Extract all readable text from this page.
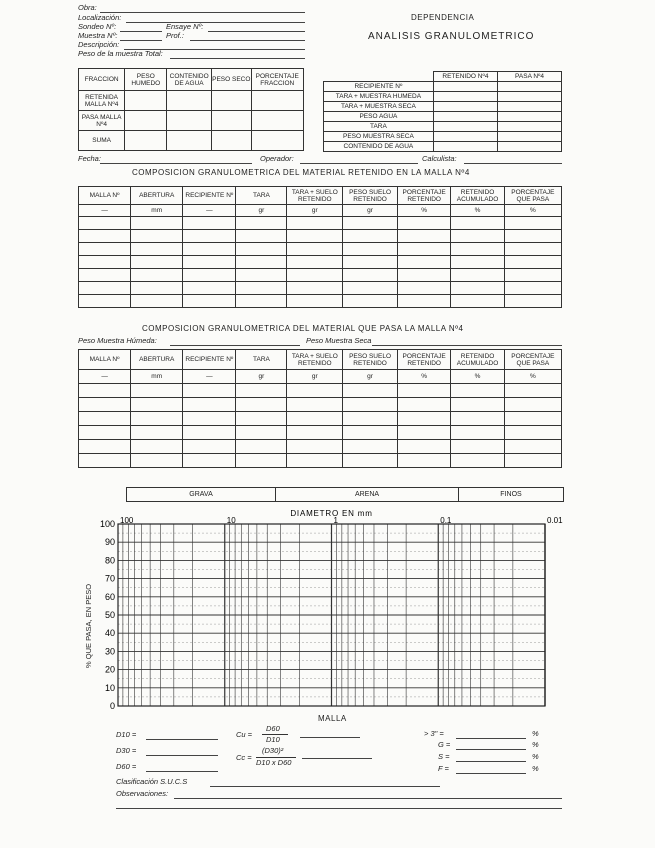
DEPENDENCIA
ANALISIS GRANULOMETRICO
Obra:
Localización:
Sondeo Nº:	Ensaye Nº:
Muestra Nº:	Prof.:
Descripción:
Peso de la muestra Total:
FRACCION	PESO HUMEDO	CONTENIDO DE AGUA	PESO SECO	PORCENTAJE FRACCION
RETENIDA MALLA Nº4				
PASA MALLA Nº4				
SUMA				
	RETENIDO Nº4	PASA Nº4
RECIPIENTE Nº		
TARA + MUESTRA HUMEDA		
TARA + MUESTRA SECA		
PESO AGUA		
TARA		
PESO MUESTRA SECA		
CONTENIDO DE AGUA		
Fecha:	Operador:	Calculista:
COMPOSICION GRANULOMETRICA DEL MATERIAL RETENIDO EN LA MALLA Nº4
MALLA Nº	ABERTURA	RECIPIENTE Nº	TARA	TARA + SUELO RETENIDO	PESO SUELO RETENIDO	PORCENTAJE RETENIDO	RETENIDO ACUMULADO	PORCENTAJE QUE PASA
—	mm	—	gr	gr	gr	%	%	%

COMPOSICION GRANULOMETRICA DEL MATERIAL QUE PASA LA MALLA Nº4
Peso Muestra Húmeda:	Peso Muestra Seca
MALLA Nº	ABERTURA	RECIPIENTE Nº	TARA	TARA + SUELO RETENIDO	PESO SUELO RETENIDO	PORCENTAJE RETENIDO	RETENIDO ACUMULADO	PORCENTAJE QUE PASA
—	mm	—	gr	gr	gr	%	%	%

GRAVA	ARENA	FINOS
100
90
80
70
60
50
40
30
20
10
0
100	10	1	0.1	0.01
DIAMETRO EN mm
% QUE PASA, EN PESO
MALLA
D10 =
D30 =
D60 =
Cu =
D60
D10
Cc =
(D30)²
D10 x D60
> 3" =	%
G =	%
S =	%
F =	%
Clasificación S.U.C.S
Observaciones:
